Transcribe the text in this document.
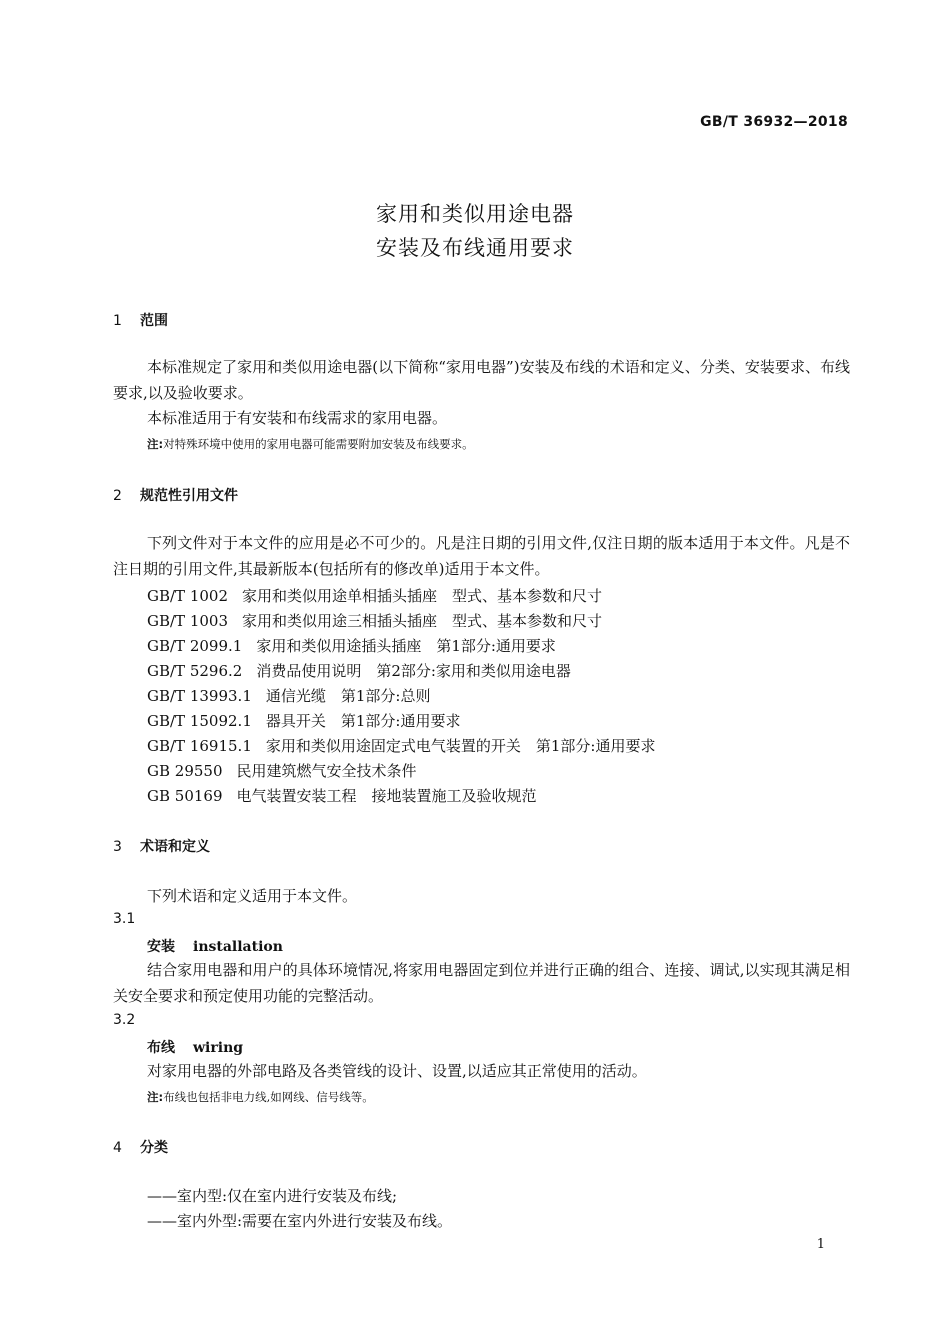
GB/T 36932—2018
家用和类似用途电器
安装及布线通用要求
1 范围
本标准规定了家用和类似用途电器(以下简称“家用电器”)安装及布线的术语和定义、分类、安装要求、布线要求,以及验收要求。
本标准适用于有安装和布线需求的家用电器。
注:对特殊环境中使用的家用电器可能需要附加安装及布线要求。
2 规范性引用文件
下列文件对于本文件的应用是必不可少的。凡是注日期的引用文件,仅注日期的版本适用于本文件。凡是不注日期的引用文件,其最新版本(包括所有的修改单)适用于本文件。
GB/T 1002 家用和类似用途单相插头插座　型式、基本参数和尺寸
GB/T 1003 家用和类似用途三相插头插座　型式、基本参数和尺寸
GB/T 2099.1 家用和类似用途插头插座　第1部分:通用要求
GB/T 5296.2 消费品使用说明　第2部分:家用和类似用途电器
GB/T 13993.1 通信光缆　第1部分:总则
GB/T 15092.1 器具开关　第1部分:通用要求
GB/T 16915.1 家用和类似用途固定式电气装置的开关　第1部分:通用要求
GB 29550 民用建筑燃气安全技术条件
GB 50169 电气装置安装工程　接地装置施工及验收规范
3 术语和定义
下列术语和定义适用于本文件。
3.1
安装 installation
结合家用电器和用户的具体环境情况,将家用电器固定到位并进行正确的组合、连接、调试,以实现其满足相关安全要求和预定使用功能的完整活动。
3.2
布线 wiring
对家用电器的外部电路及各类管线的设计、设置,以适应其正常使用的活动。
注:布线也包括非电力线,如网线、信号线等。
4 分类
——室内型:仅在室内进行安装及布线;
——室内外型:需要在室内外进行安装及布线。
1
